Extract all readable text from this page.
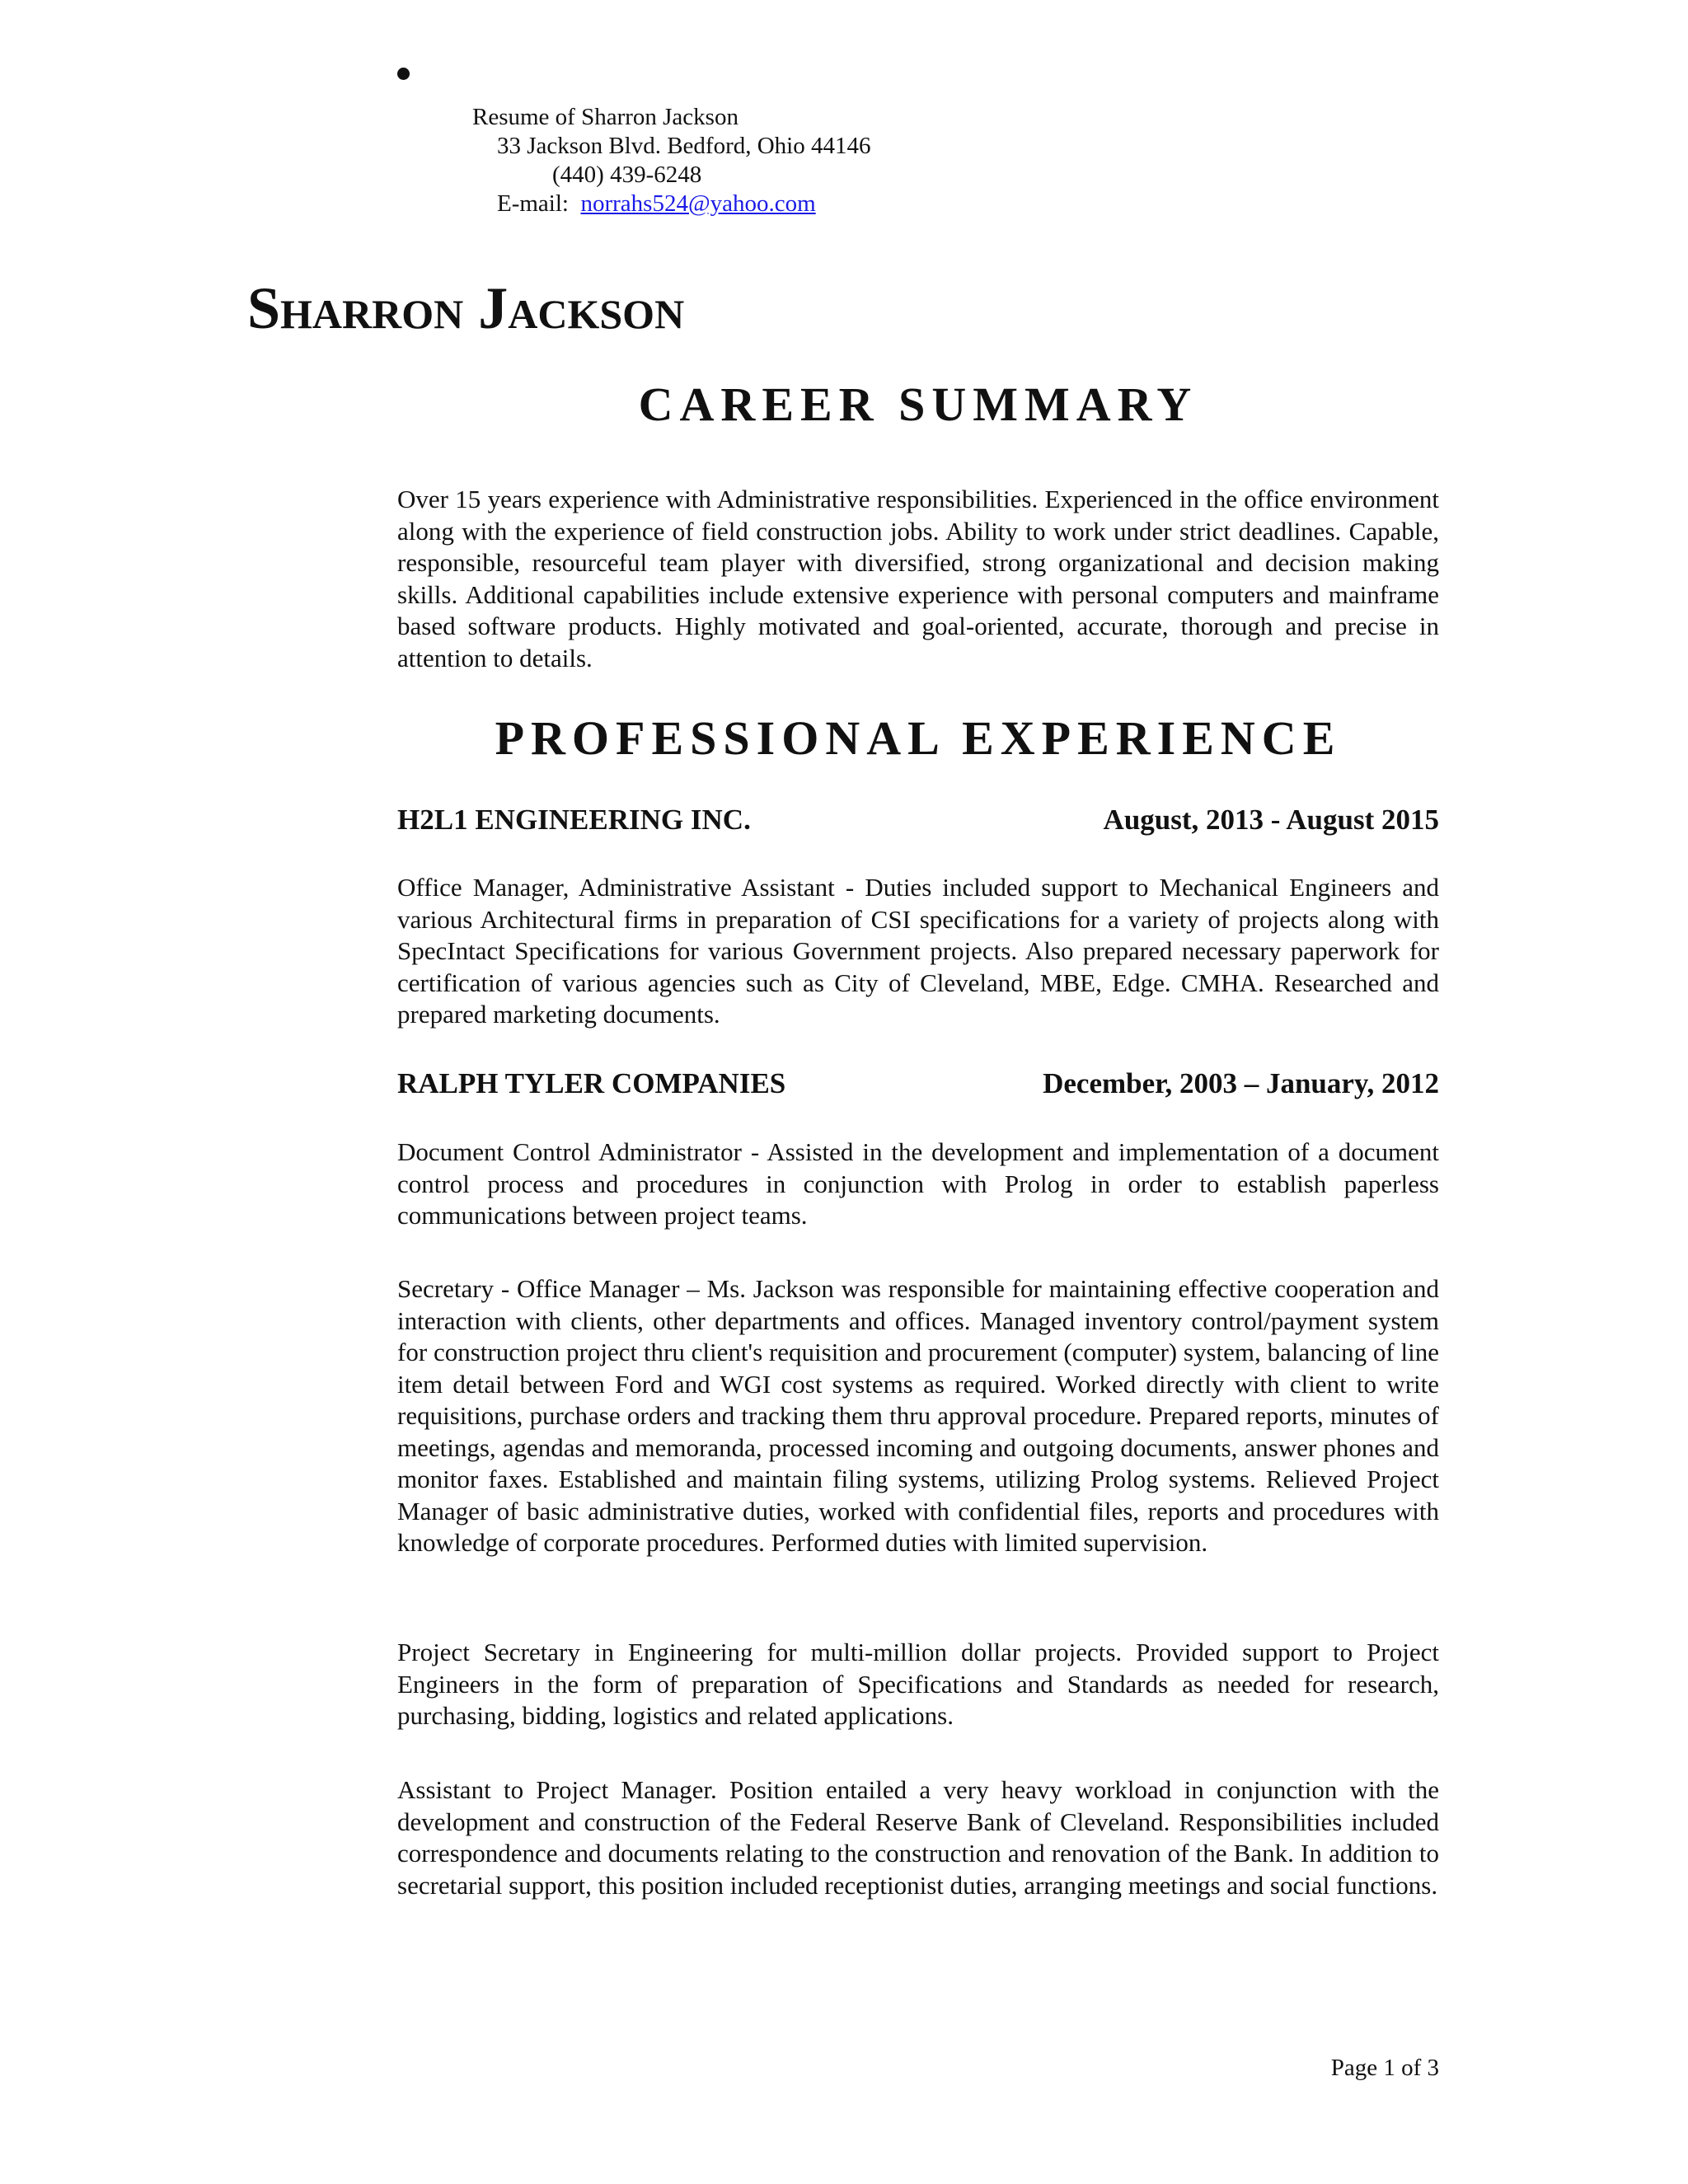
Resume of Sharron Jackson
33 Jackson Blvd. Bedford, Ohio 44146
(440) 439-6248
E-mail: norrahs524@yahoo.com
Sharron Jackson
CAREER SUMMARY
Over 15 years experience with Administrative responsibilities. Experienced in the office environment along with the experience of field construction jobs. Ability to work under strict deadlines. Capable, responsible, resourceful team player with diversified, strong organizational and decision making skills. Additional capabilities include extensive experience with personal computers and mainframe based software products. Highly motivated and goal-oriented, accurate, thorough and precise in attention to details.
PROFESSIONAL EXPERIENCE
H2L1 ENGINEERING INC.	August, 2013 - August 2015
Office Manager, Administrative Assistant - Duties included support to Mechanical Engineers and various Architectural firms in preparation of CSI specifications for a variety of projects along with SpecIntact Specifications for various Government projects. Also prepared necessary paperwork for certification of various agencies such as City of Cleveland, MBE, Edge. CMHA. Researched and prepared marketing documents.
RALPH TYLER COMPANIES	December, 2003 – January, 2012
Document Control Administrator - Assisted in the development and implementation of a document control process and procedures in conjunction with Prolog in order to establish paperless communications between project teams.
Secretary - Office Manager – Ms. Jackson was responsible for maintaining effective cooperation and interaction with clients, other departments and offices. Managed inventory control/payment system for construction project thru client's requisition and procurement (computer) system, balancing of line item detail between Ford and WGI cost systems as required. Worked directly with client to write requisitions, purchase orders and tracking them thru approval procedure. Prepared reports, minutes of meetings, agendas and memoranda, processed incoming and outgoing documents, answer phones and monitor faxes. Established and maintain filing systems, utilizing Prolog systems. Relieved Project Manager of basic administrative duties, worked with confidential files, reports and procedures with knowledge of corporate procedures. Performed duties with limited supervision.
Project Secretary in Engineering for multi-million dollar projects. Provided support to Project Engineers in the form of preparation of Specifications and Standards as needed for research, purchasing, bidding, logistics and related applications.
Assistant to Project Manager. Position entailed a very heavy workload in conjunction with the development and construction of the Federal Reserve Bank of Cleveland. Responsibilities included correspondence and documents relating to the construction and renovation of the Bank. In addition to secretarial support, this position included receptionist duties, arranging meetings and social functions.
Page 1 of 3
